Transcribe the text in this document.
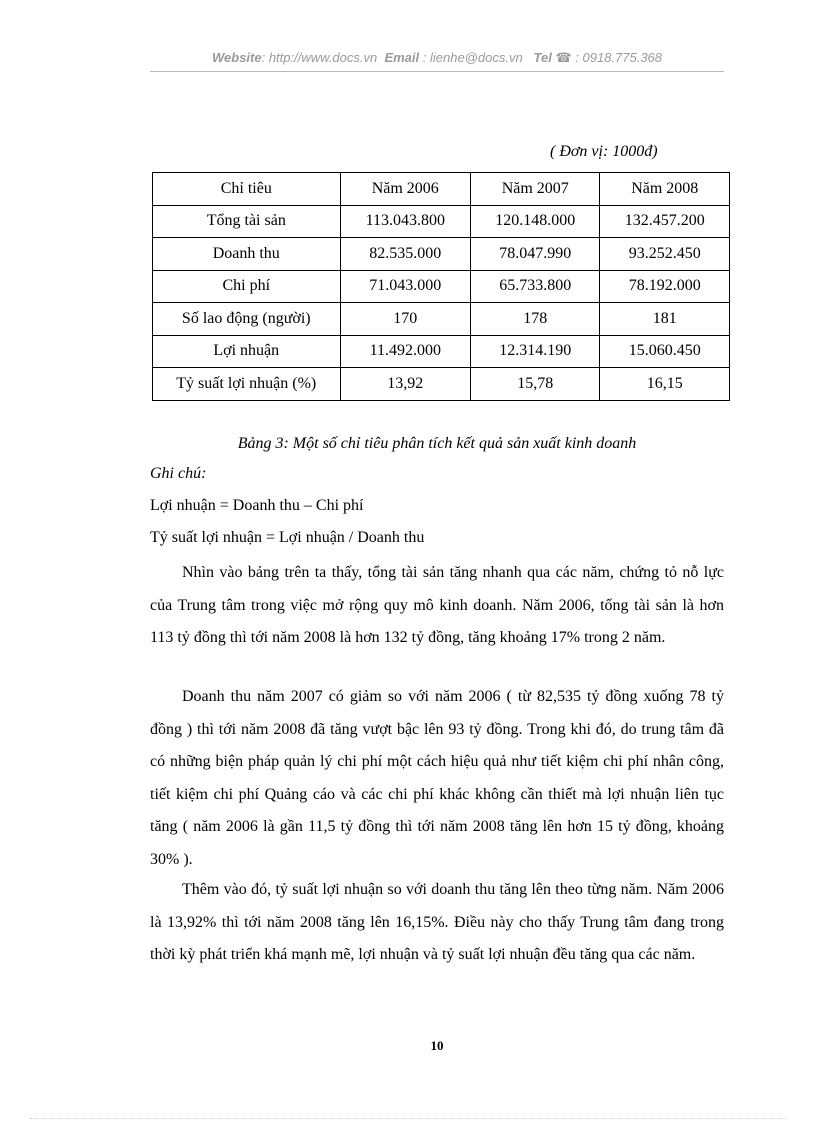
Website: http://www.docs.vn Email : lienhe@docs.vn Tel ☎ : 0918.775.368
( Đơn vị: 1000đ)
Chỉ tiêu	Năm 2006	Năm 2007	Năm 2008
Tổng tài sản	113.043.800	120.148.000	132.457.200
Doanh thu	82.535.000	78.047.990	93.252.450
Chi phí	71.043.000	65.733.800	78.192.000
Số lao động (người)	170	178	181
Lợi nhuận	11.492.000	12.314.190	15.060.450
Tỷ suất lợi nhuận (%)	13,92	15,78	16,15
Bảng 3: Một số chỉ tiêu phân tích kết quả sản xuất kinh doanh
Ghi chú:
Lợi nhuận = Doanh thu – Chi phí
Tỷ suất lợi nhuận = Lợi nhuận / Doanh thu

Nhìn vào bảng trên ta thấy, tổng tài sản tăng nhanh qua các năm, chứng tỏ nỗ lực của Trung tâm trong việc mở rộng quy mô kinh doanh. Năm 2006, tổng tài sản là hơn 113 tỷ đồng thì tới năm 2008 là hơn 132 tỷ đồng, tăng khoảng 17% trong 2 năm.

Doanh thu năm 2007 có giảm so với năm 2006 ( từ 82,535 tỷ đồng xuống 78 tỷ đồng ) thì tới năm 2008 đã tăng vượt bậc lên 93 tỷ đồng. Trong khi đó, do trung tâm đã có những biện pháp quản lý chi phí một cách hiệu quả như tiết kiệm chi phí nhân công, tiết kiệm chi phí Quảng cáo và các chi phí khác không cần thiết mà lợi nhuận liên tục tăng ( năm 2006 là gần 11,5 tỷ đồng thì tới năm 2008 tăng lên hơn 15 tỷ đồng, khoảng 30% ).

Thêm vào đó, tỷ suất lợi nhuận so với doanh thu tăng lên theo từng năm. Năm 2006 là 13,92% thì tới năm 2008 tăng lên 16,15%. Điều này cho thấy Trung tâm đang trong thời kỳ phát triển khá mạnh mẽ, lợi nhuận và tỷ suất lợi nhuận đều tăng qua các năm.

10
